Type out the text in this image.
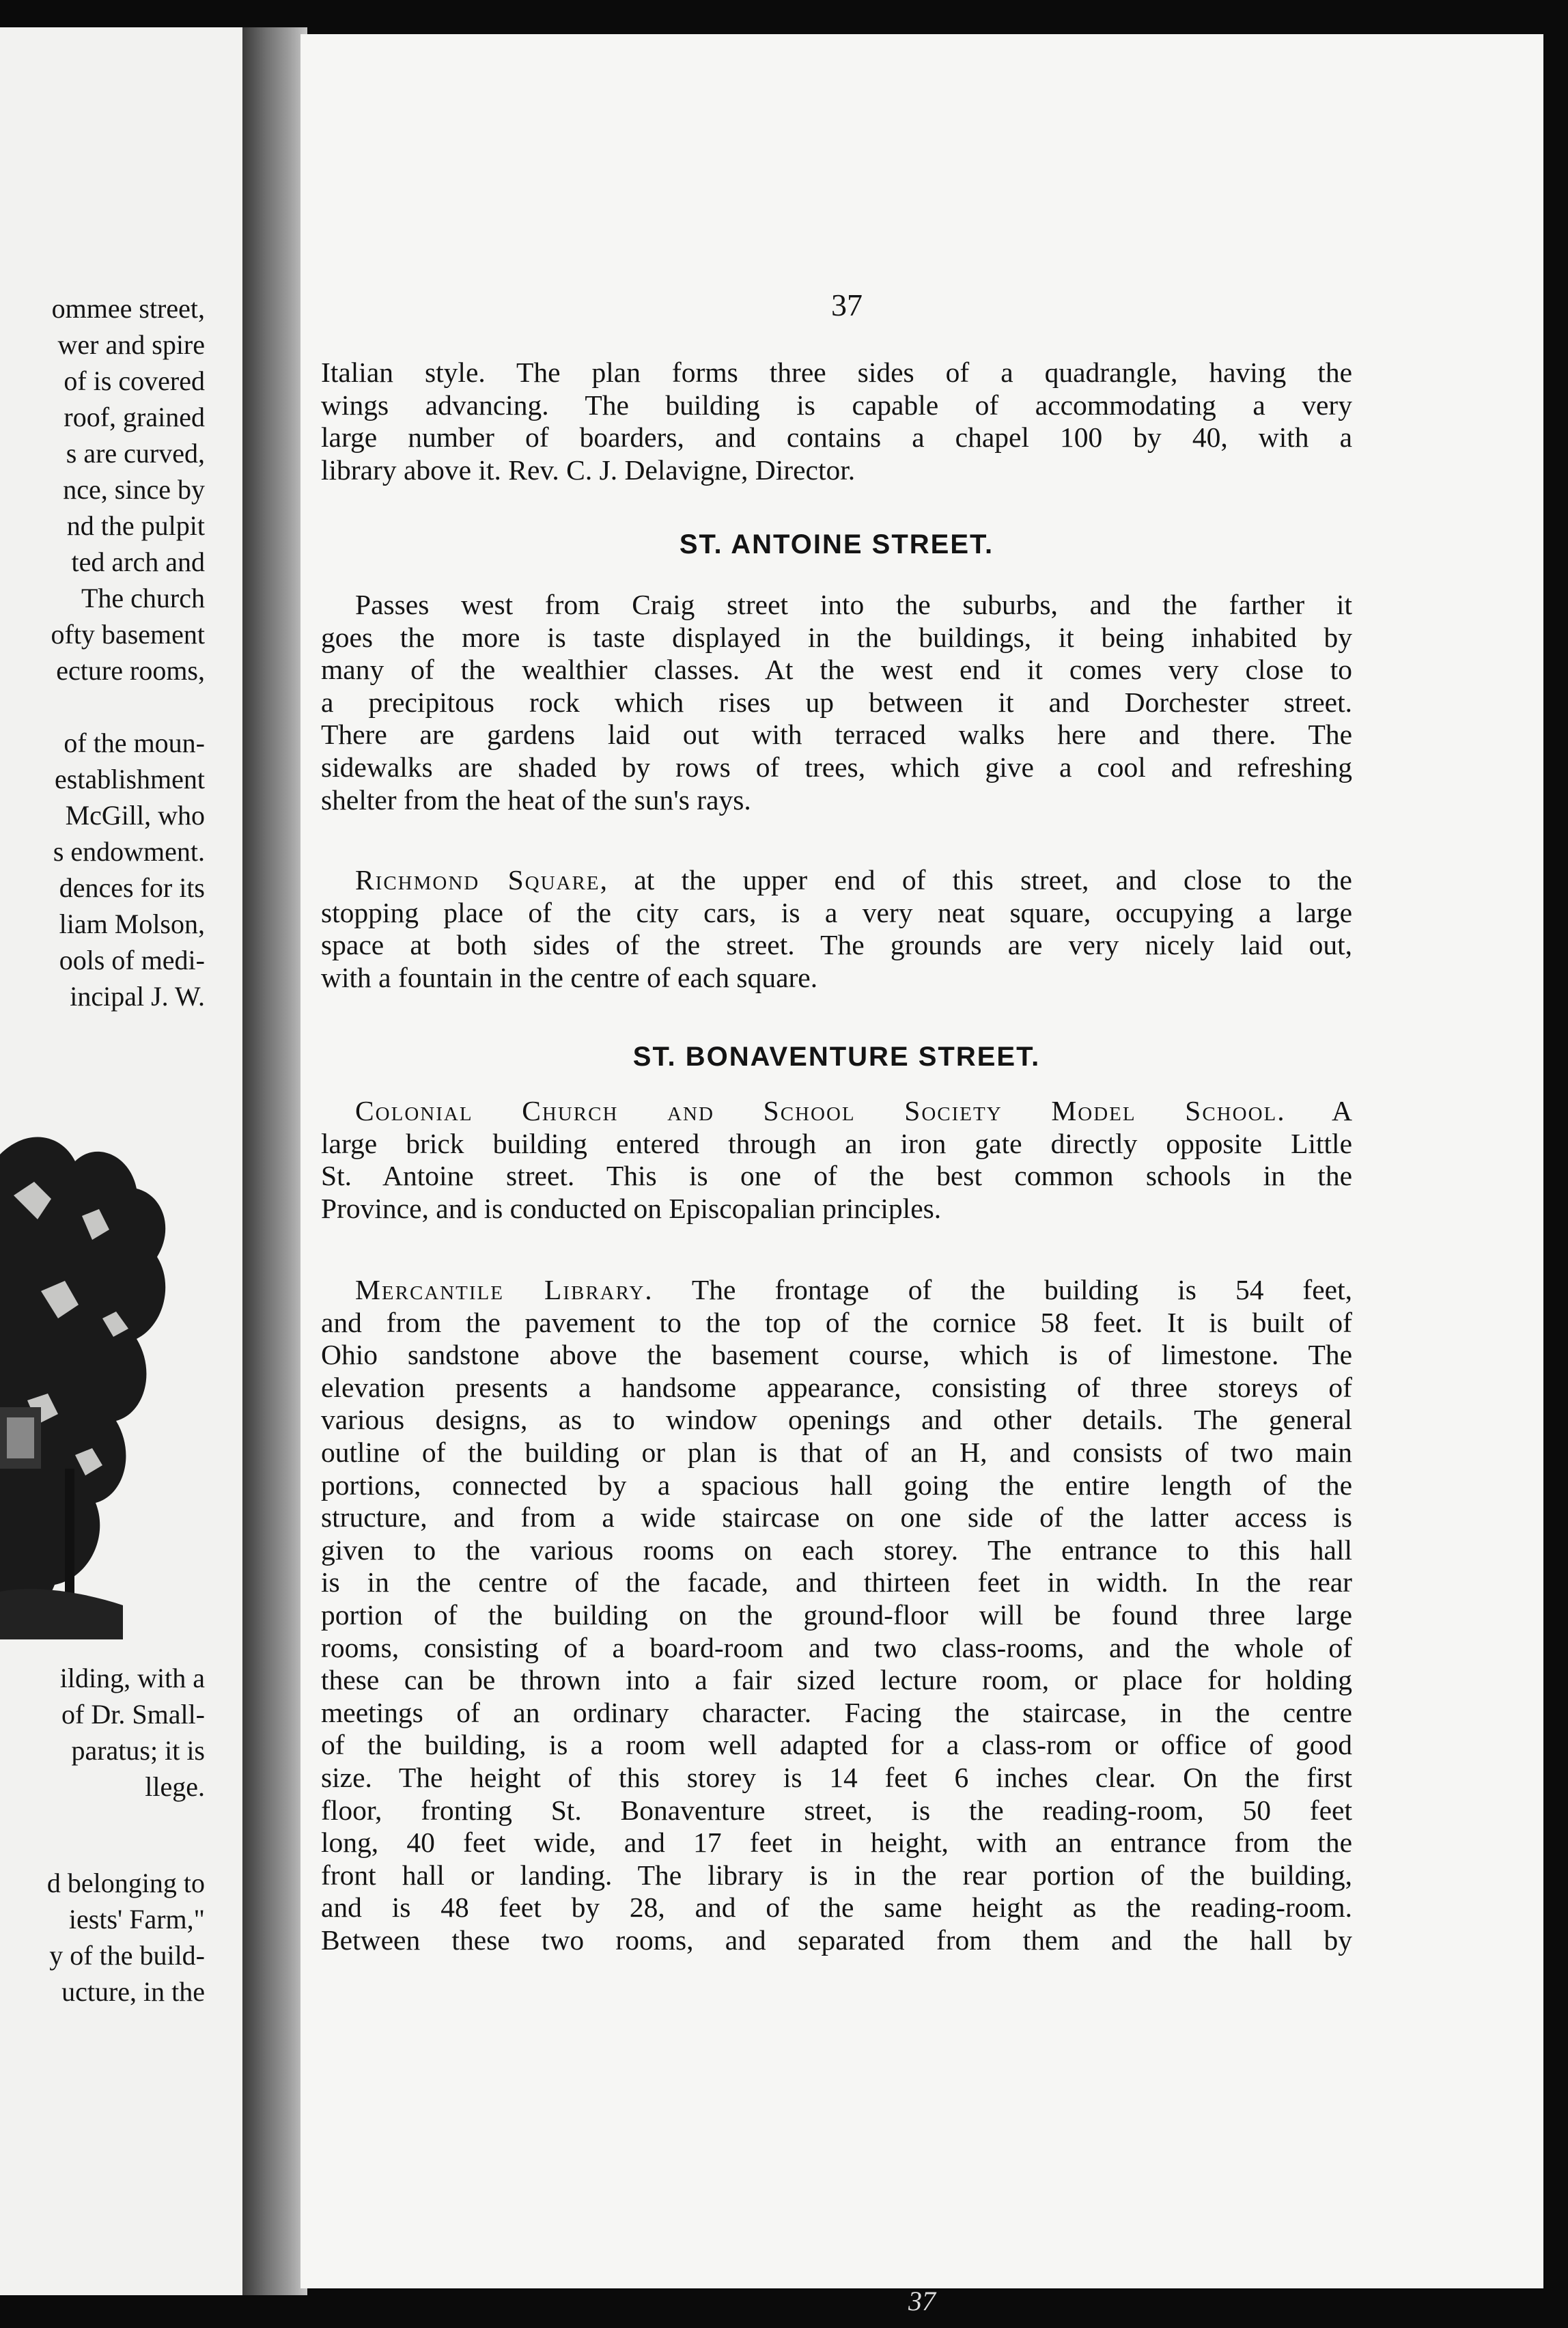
ommee street,
wer and spire
of is covered
roof, grained
s are curved,
nce, since by
nd the pulpit
ted arch and
The church
ofty basement
ecture rooms,
of the moun-
establishment
McGill, who
s endowment.
dences for its
liam Molson,
ools of medi-
incipal J. W.
ilding, with a
of Dr. Small-
paratus; it is
llege.
d belonging to
iests' Farm,"
y of the build-
ucture, in the
37
Italian style. The plan forms three sides of a quadrangle, having the
wings advancing. The building is capable of accommodating a very
large number of boarders, and contains a chapel 100 by 40, with a
library above it. Rev. C. J. Delavigne, Director.
ST. ANTOINE STREET.
Passes west from Craig street into the suburbs, and the farther it
goes the more is taste displayed in the buildings, it being inhabited by
many of the wealthier classes. At the west end it comes very close to
a precipitous rock which rises up between it and Dorchester street.
There are gardens laid out with terraced walks here and there. The
sidewalks are shaded by rows of trees, which give a cool and refreshing
shelter from the heat of the sun's rays.
Richmond Square, at the upper end of this street, and close to the
stopping place of the city cars, is a very neat square, occupying a large
space at both sides of the street. The grounds are very nicely laid out,
with a fountain in the centre of each square.
ST. BONAVENTURE STREET.
Colonial Church and School Society Model School. A
large brick building entered through an iron gate directly opposite Little
St. Antoine street. This is one of the best common schools in the
Province, and is conducted on Episcopalian principles.
Mercantile Library. The frontage of the building is 54 feet,
and from the pavement to the top of the cornice 58 feet. It is built of
Ohio sandstone above the basement course, which is of limestone. The
elevation presents a handsome appearance, consisting of three storeys of
various designs, as to window openings and other details. The general
outline of the building or plan is that of an H, and consists of two main
portions, connected by a spacious hall going the entire length of the
structure, and from a wide staircase on one side of the latter access is
given to the various rooms on each storey. The entrance to this hall
is in the centre of the facade, and thirteen feet in width. In the rear
portion of the building on the ground-floor will be found three large
rooms, consisting of a board-room and two class-rooms, and the whole of
these can be thrown into a fair sized lecture room, or place for holding
meetings of an ordinary character. Facing the staircase, in the centre
of the building, is a room well adapted for a class-rom or office of good
size. The height of this storey is 14 feet 6 inches clear. On the first
floor, fronting St. Bonaventure street, is the reading-room, 50 feet
long, 40 feet wide, and 17 feet in height, with an entrance from the
front hall or landing. The library is in the rear portion of the building,
and is 48 feet by 28, and of the same height as the reading-room.
Between these two rooms, and separated from them and the hall by
37
